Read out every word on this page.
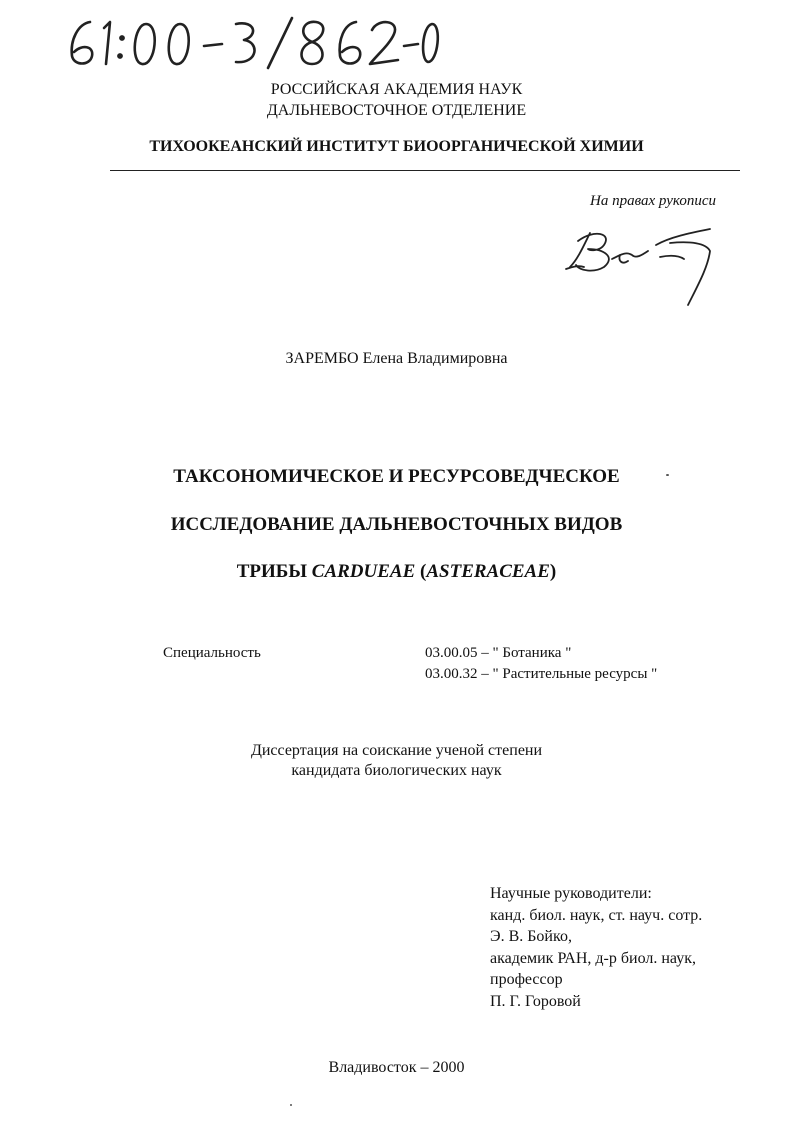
РОССИЙСКАЯ АКАДЕМИЯ НАУК
ДАЛЬНЕВОСТОЧНОЕ ОТДЕЛЕНИЕ
ТИХООКЕАНСКИЙ ИНСТИТУТ БИООРГАНИЧЕСКОЙ ХИМИИ
На правах рукописи
ЗАРЕМБО Елена Владимировна
ТАКСОНОМИЧЕСКОЕ И РЕСУРСОВЕДЧЕСКОЕ
ИССЛЕДОВАНИЕ ДАЛЬНЕВОСТОЧНЫХ ВИДОВ
ТРИБЫ CARDUEAE (ASTERACEAE)
Специальность	03.00.05 – " Ботаника "
03.00.32 – " Растительные ресурсы "
Диссертация на соискание ученой степени
кандидата биологических наук
Научные руководители:
канд. биол. наук, ст. науч. сотр.
Э. В. Бойко,
академик РАН, д-р биол. наук,
профессор
П. Г. Горовой
Владивосток – 2000
